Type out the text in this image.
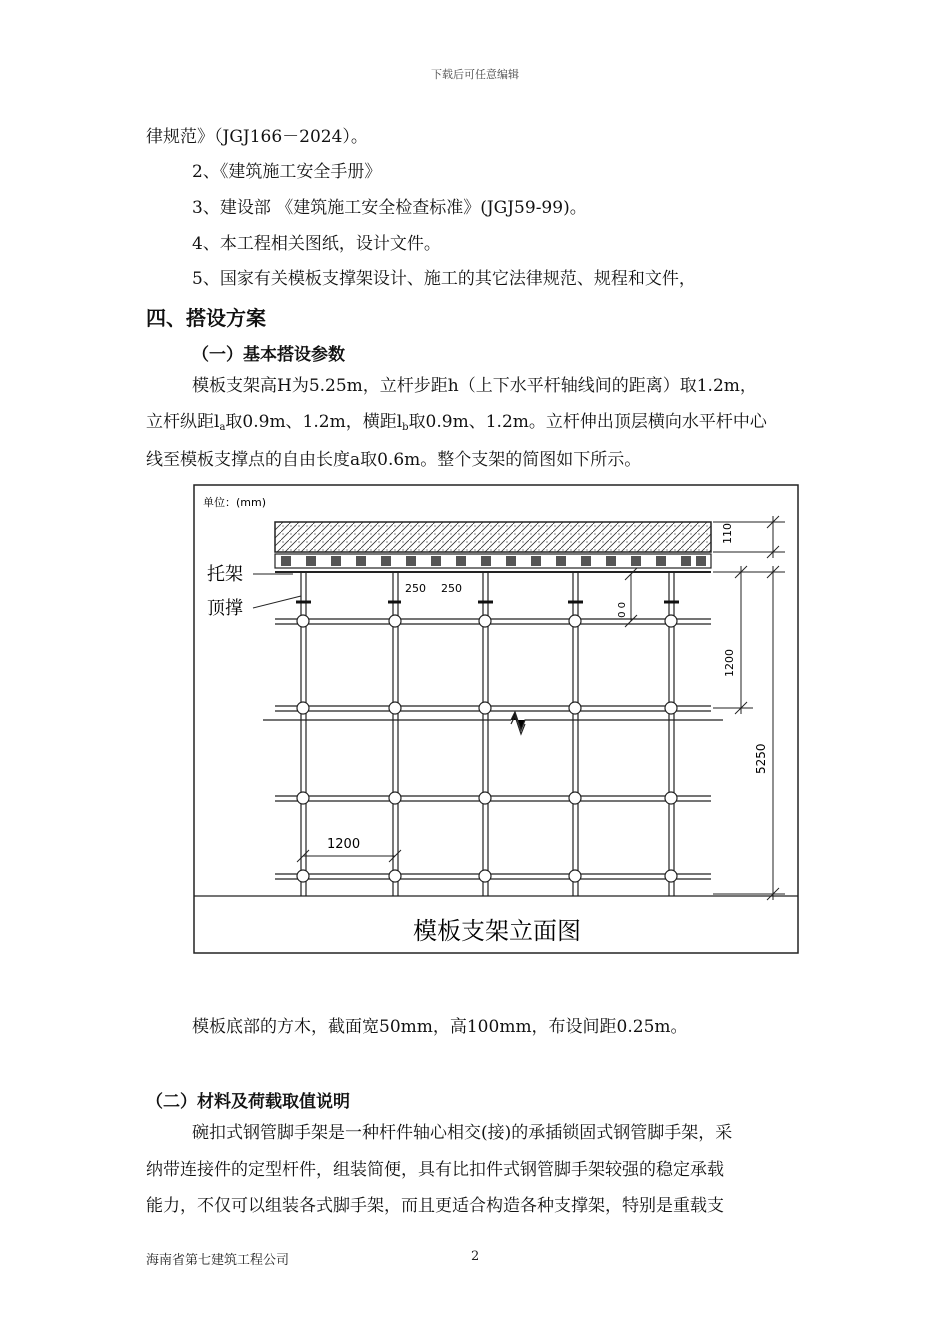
下载后可任意编辑
律规范》（JGJ166－2024）。
2、《建筑施工安全手册》
3、建设部 《建筑施工安全检查标准》(JGJ59-99)。
4、本工程相关图纸，设计文件。
5、国家有关模板支撑架设计、施工的其它法律规范、规程和文件，
四、搭设方案
（一）基本搭设参数
模板支架高H为5.25m，立杆步距h（上下水平杆轴线间的距离）取1.2m，
立杆纵距$l_a$取0.9m、1.2m，横距$l_b$取0.9m、1.2m。立杆伸出顶层横向水平杆中心
线至模板支撑点的自由长度a取0.6m。整个支架的简图如下所示。
单位：(mm)
托架
顶撑
250 250
0 0
110
1200
5250
1200
模板支架立面图
模板底部的方木，截面宽50mm，高100mm，布设间距0.25m。
（二）材料及荷载取值说明
碗扣式钢管脚手架是一种杆件轴心相交(接)的承插锁固式钢管脚手架，采
纳带连接件的定型杆件，组装简便，具有比扣件式钢管脚手架较强的稳定承载
能力，不仅可以组装各式脚手架，而且更适合构造各种支撑架，特别是重载支
海南省第七建筑工程公司	2
